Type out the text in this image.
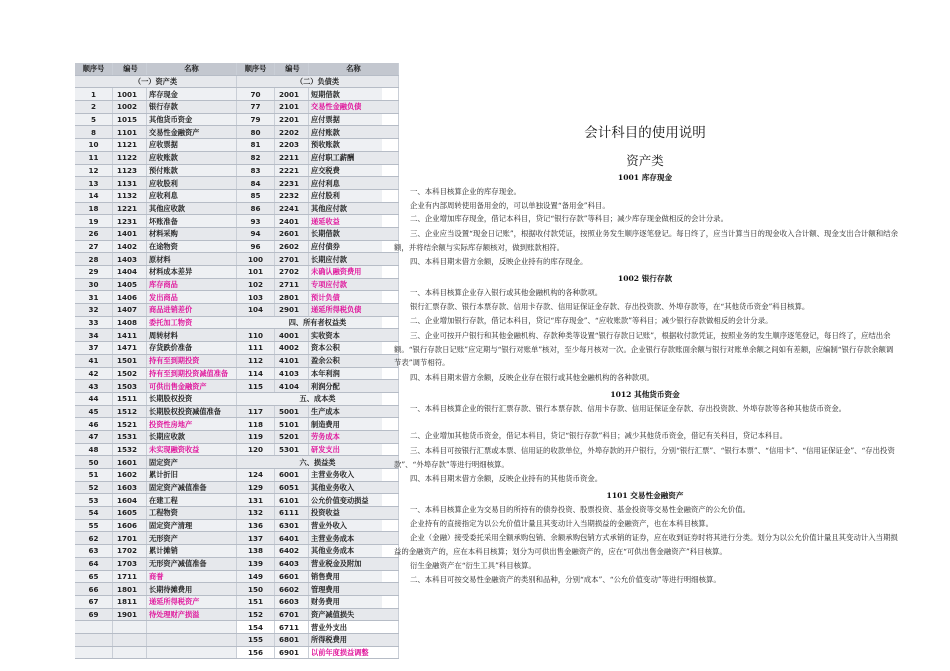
顺序号	编号	名称	顺序号	编号	名称
（一）资产类			（二）负债类		
1	1001	库存现金	70	2001	短期借款
2	1002	银行存款	77	2101	交易性金融负债
5	1015	其他货币资金	79	2201	应付票据
8	1101	交易性金融资产	80	2202	应付账款
10	1121	应收票据	81	2203	预收账款
11	1122	应收账款	82	2211	应付职工薪酬
12	1123	预付账款	83	2221	应交税费
13	1131	应收股利	84	2231	应付利息
14	1132	应收利息	85	2232	应付股利
18	1221	其他应收款	86	2241	其他应付款
19	1231	坏账准备	93	2401	递延收益
26	1401	材料采购	94	2601	长期借款
27	1402	在途物资	96	2602	应付债券
28	1403	原材料	100	2701	长期应付款
29	1404	材料成本差异	101	2702	未确认融资费用
30	1405	库存商品	102	2711	专项应付款
31	1406	发出商品	103	2801	预计负债
32	1407	商品进销差价	104	2901	递延所得税负债
33	1408	委托加工物资	四、所有者权益类		
34	1411	周转材料	110	4001	实收资本
37	1471	存货跌价准备	111	4002	资本公积
41	1501	持有至到期投资	112	4101	盈余公积
42	1502	持有至到期投资减值准备	114	4103	本年利润
43	1503	可供出售金融资产	115	4104	利润分配
44	1511	长期股权投资	五、成本类		
45	1512	长期股权投资减值准备	117	5001	生产成本
46	1521	投资性房地产	118	5101	制造费用
47	1531	长期应收款	119	5201	劳务成本
48	1532	未实现融资收益	120	5301	研发支出
50	1601	固定资产	六、损益类		
51	1602	累计折旧	124	6001	主营业务收入
52	1603	固定资产减值准备	129	6051	其他业务收入
53	1604	在建工程	131	6101	公允价值变动损益
54	1605	工程物资	132	6111	投资收益
55	1606	固定资产清理	136	6301	营业外收入
62	1701	无形资产	137	6401	主营业务成本
63	1702	累计摊销	138	6402	其他业务成本
64	1703	无形资产减值准备	139	6403	营业税金及附加
65	1711	商誉	149	6601	销售费用
66	1801	长期待摊费用	150	6602	管理费用
67	1811	递延所得税资产	151	6603	财务费用
69	1901	待处理财产损溢	152	6701	资产减值损失
			154	6711	营业外支出
			155	6801	所得税费用
			156	6901	以前年度损益调整
会计科目的使用说明
资产类
1001 库存现金
一、本科目核算企业的库存现金。
企业有内部周转使用备用金的，可以单独设置“备用金”科目。
二、企业增加库存现金，借记本科目，贷记“银行存款”等科目；减少库存现金做相反的会计分录。
三、企业应当设置“现金日记账”，根据收付款凭证，按照业务发生顺序逐笔登记。每日终了，应当计算当日的现金收入合计额、现金支出合计额和结余额，并将结余额与实际库存额核对，做到账款相符。
四、本科目期末借方余额，反映企业持有的库存现金。
1002 银行存款
一、本科目核算企业存入银行或其他金融机构的各种款项。
银行汇票存款、银行本票存款、信用卡存款、信用证保证金存款、存出投资款、外埠存款等，在“其他货币资金”科目核算。
二、企业增加银行存款，借记本科目，贷记“库存现金”、“应收账款”等科目；减少银行存款做相反的会计分录。
三、企业可按开户银行和其他金融机构、存款种类等设置“银行存款日记账”，根据收付款凭证，按照业务的发生顺序逐笔登记，每日终了，应结出余额。“银行存款日记账”应定期与“银行对账单”核对，至少每月核对一次。企业银行存款账面余额与银行对账单余额之间如有差额，应编制“银行存款余额调节表”调节相符。
四、本科目期末借方余额，反映企业存在银行或其他金融机构的各种款项。
1012 其他货币资金
一、本科目核算企业的银行汇票存款、银行本票存款、信用卡存款、信用证保证金存款、存出投资款、外埠存款等各种其他货币资金。
二、企业增加其他货币资金，借记本科目，贷记“银行存款”科目；减少其他货币资金，借记有关科目，贷记本科目。
三、本科目可按银行汇票或本票、信用证的收款单位，外埠存款的开户银行，分别“银行汇票”、“银行本票”、“信用卡”、“信用证保证金”、“存出投资款”、“外埠存款”等进行明细核算。
四、本科目期末借方余额，反映企业持有的其他货币资金。
1101 交易性金融资产
一、本科目核算企业为交易目的所持有的债券投资、股票投资、基金投资等交易性金融资产的公允价值。
企业持有的直接指定为以公允价值计量且其变动计入当期损益的金融资产，也在本科目核算。
企业（金融）接受委托采用全额承购包销、余额承购包销方式承销的证券，应在收到证券时将其进行分类。划分为以公允价值计量且其变动计入当期损益的金融资产的，应在本科目核算；划分为可供出售金融资产的，应在“可供出售金融资产”科目核算。
衍生金融资产在“衍生工具”科目核算。
二、本科目可按交易性金融资产的类别和品种，分别“成本”、“公允价值变动”等进行明细核算。
